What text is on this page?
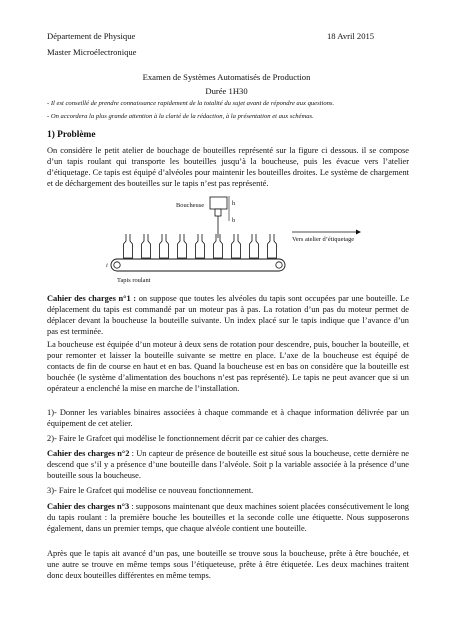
Département de Physique	18 Avril 2015
Master Microélectronique
Examen de Systèmes Automatisés de Production
Durée 1H30
- Il est conseillé de prendre connaissance rapidement de la totalité du sujet avant de répondre aux questions.
- On accordera la plus grande attention à la clarté de la rédaction, à la présentation et aux schémas.
1) Problème

On considère le petit atelier de bouchage de bouteilles représenté sur la figure ci dessous. il se compose d’un tapis roulant qui transporte les bouteilles jusqu’à la boucheuse, puis les évacue vers l’atelier d’étiquetage. Ce tapis est équipé d’alvéoles pour maintenir les bouteilles droites. Le système de chargement et de déchargement des bouteilles sur le tapis n’est pas représenté.

Boucheuse	h
b
i
Tapis roulant
Vers atelier d’étiquetage

Cahier des charges n°1 : on suppose que toutes les alvéoles du tapis sont occupées par une bouteille. Le déplacement du tapis est commandé par un moteur pas à pas. La rotation d’un pas du moteur permet de déplacer devant la boucheuse la bouteille suivante. Un index placé sur le tapis indique que l’avance d’un pas est terminée.

La boucheuse est équipée d’un moteur à deux sens de rotation pour descendre, puis, boucher la bouteille, et pour remonter et laisser la bouteille suivante se mettre en place. L’axe de la boucheuse est équipé de contacts de fin de course en haut et en bas. Quand la boucheuse est en bas on considère que la bouteille est bouchée (le système d’alimentation des bouchons n’est pas représenté). Le tapis ne peut avancer que si un opérateur a enclenché la mise en marche de l’installation.

1)- Donner les variables binaires associées à chaque commande et à chaque information délivrée par un équipement de cet atelier.

2)- Faire le Grafcet qui modélise le fonctionnement décrit par ce cahier des charges.

Cahier des charges n°2 : Un capteur de présence de bouteille est situé sous la boucheuse, cette dernière ne descend que s’il y a présence d’une bouteille dans l’alvéole. Soit p la variable associée à la présence d’une bouteille sous la boucheuse.

3)- Faire le Grafcet qui modélise ce nouveau fonctionnement.

Cahier des charges n°3 : supposons maintenant que deux machines soient placées consécutivement le long du tapis roulant : la première bouche les bouteilles et la seconde colle une étiquette. Nous supposerons également, dans un premier temps, que chaque alvéole contient une bouteille.

Après que le tapis ait avancé d’un pas, une bouteille se trouve sous la boucheuse, prête à être bouchée, et une autre se trouve en même temps sous l’étiqueteuse, prête à être étiquetée. Les deux machines traitent donc deux bouteilles différentes en même temps.
